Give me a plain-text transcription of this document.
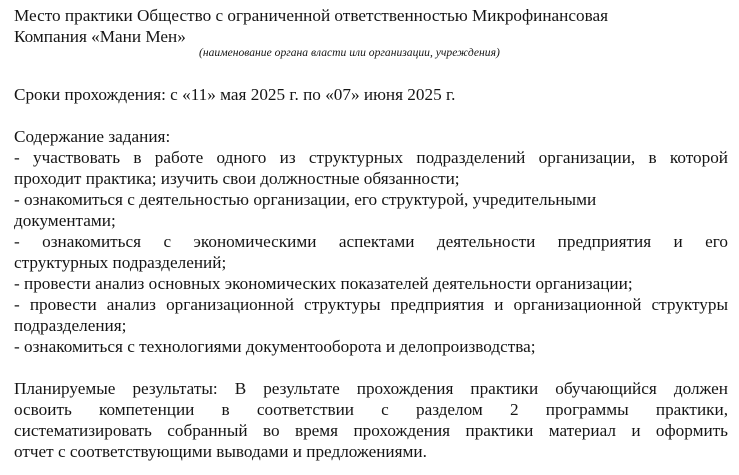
Место практики Общество с ограниченной ответственностью Микрофинансовая
Компания «Мани Мен»
(наименование органа власти или организации, учреждения)
Сроки прохождения: с «11» мая 2025 г. по «07» июня 2025 г.
Содержание задания:
- участвовать в работе одного из структурных подразделений организации, в которой
проходит практика; изучить свои должностные обязанности;
- ознакомиться с деятельностью организации, его структурой, учредительными
документами;
- ознакомиться с экономическими аспектами деятельности предприятия и его
структурных подразделений;
- провести анализ основных экономических показателей деятельности организации;
- провести анализ организационной структуры предприятия и организационной структуры
подразделения;
- ознакомиться с технологиями документооборота и делопроизводства;
Планируемые результаты: В результате прохождения практики обучающийся должен
освоить компетенции в соответствии с разделом 2 программы практики,
систематизировать собранный во время прохождения практики материал и оформить
отчет с соответствующими выводами и предложениями.
